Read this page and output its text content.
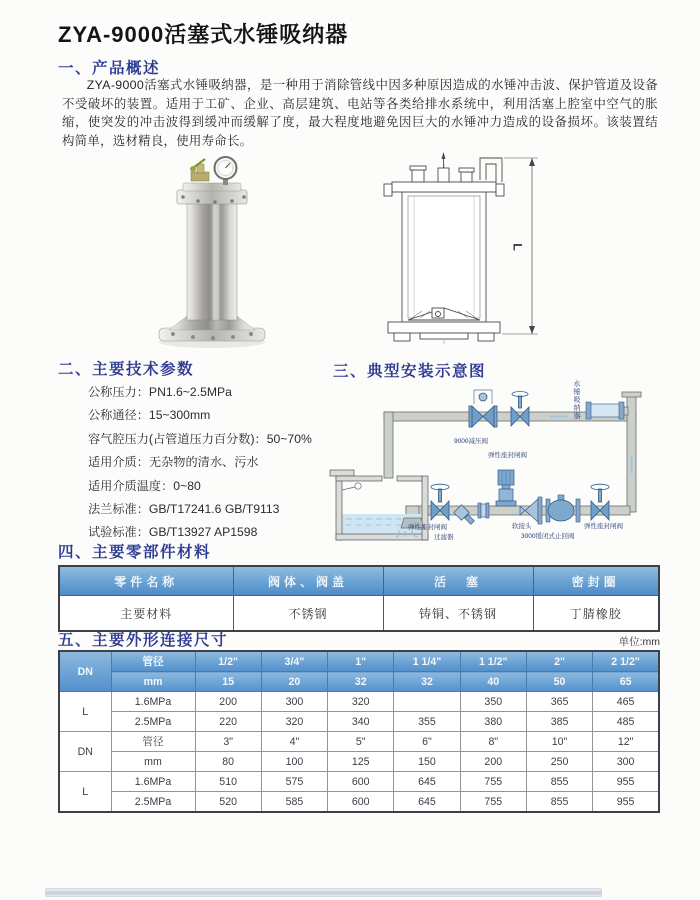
ZYA-9000活塞式水锤吸纳器
一、产品概述
ZYA-9000活塞式水锤吸纳器，是一种用于消除管线中因多种原因造成的水锤冲击波、保护管道及设备不受破坏的装置。适用于工矿、企业、高层建筑、电站等各类给排水系统中，利用活塞上腔室中空气的胀缩，使突发的冲击波得到缓冲而缓解了度，最大程度地避免因巨大的水锤冲力造成的设备损坏。该装置结构简单，选材精良，使用寿命长。
L
二、主要技术参数
公称压力：PN1.6~2.5MPa
公称通径：15~300mm
容气腔压力(占管道压力百分数)：50~70%
适用介质：无杂物的清水、污水
适用介质温度：0~80
法兰标准：GB/T17241.6 GB/T9113
试验标准：GB/T13927 AP1598
三、典型安装示意图
9000减压阀
弹性座封闸阀
弹性座封闸阀
过滤器
软接头
3000缓闭式止回阀
弹性座封闸阀
水锤吸纳器
四、主要零部件材料
零件名称	阀体、阀盖	活　塞	密封圈
主要材料	不锈钢	铸铜、不锈钢	丁腈橡胶
五、主要外形连接尺寸	单位:mm
DN	管径	1/2"	3/4"	1"	1 1/4"	1 1/2"	2"	2 1/2"
	mm	15	20	32	32	40	50	65
L	1.6MPa	200	300	320		350	365	465
	2.5MPa	220	320	340	355	380	385	485
DN	管径	3"	4"	5"	6"	8"	10"	12"
	mm	80	100	125	150	200	250	300
L	1.6MPa	510	575	600	645	755	855	955
	2.5MPa	520	585	600	645	755	855	955
